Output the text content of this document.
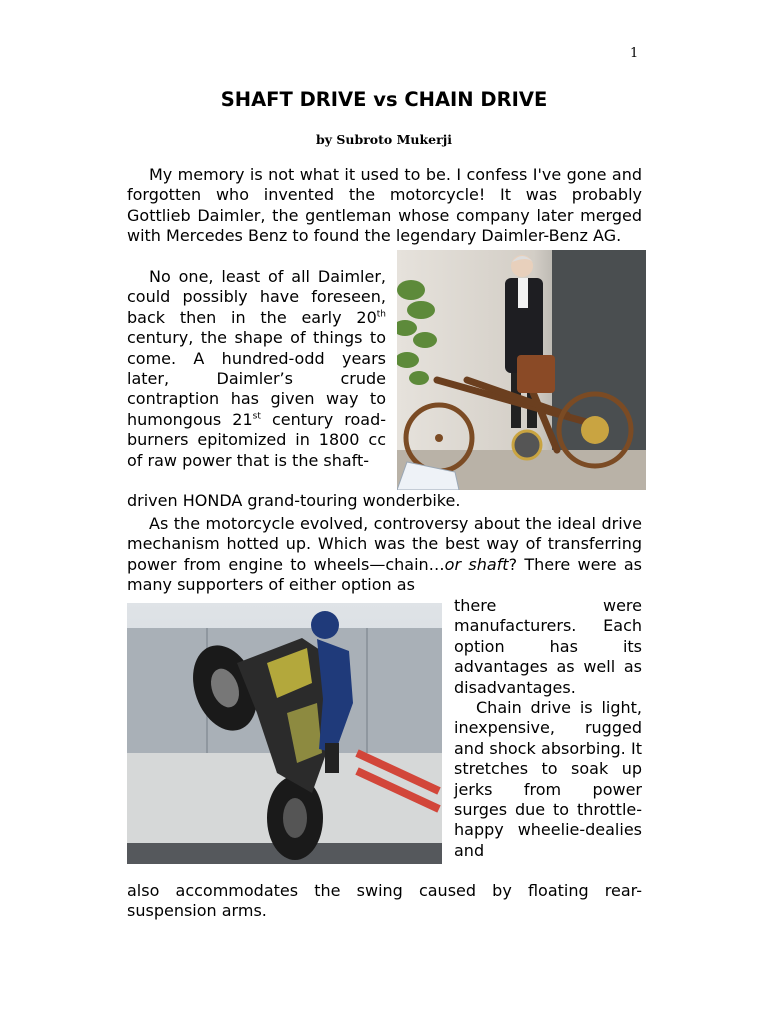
1
SHAFT DRIVE vs CHAIN DRIVE
by Subroto Mukerji

My memory is not what it used to be. I confess I've gone and forgotten who invented the motorcycle! It was probably Gottlieb Daimler, the gentleman whose company later merged with Mercedes Benz to found the legendary Daimler-Benz AG.

No one, least of all Daimler, could possibly have foreseen, back then in the early 20th century, the shape of things to come. A hundred-odd years later, Daimler’s crude contraption has given way to humongous 21st century road-burners epitomized in 1800 cc of raw power that is the shaft-

driven HONDA grand-touring wonderbike.

As the motorcycle evolved, controversy about the ideal drive mechanism hotted up. Which was the best way of transferring power from engine to wheels—chain…or shaft? There were as many supporters of either option as

there were manufacturers. Each option has its advantages as well as disadvantages.

Chain drive is light, inexpensive, rugged and shock absorbing. It stretches to soak up jerks from power surges due to throttle-happy wheelie-dealies and

also accommodates the swing caused by floating rear-suspension arms.
